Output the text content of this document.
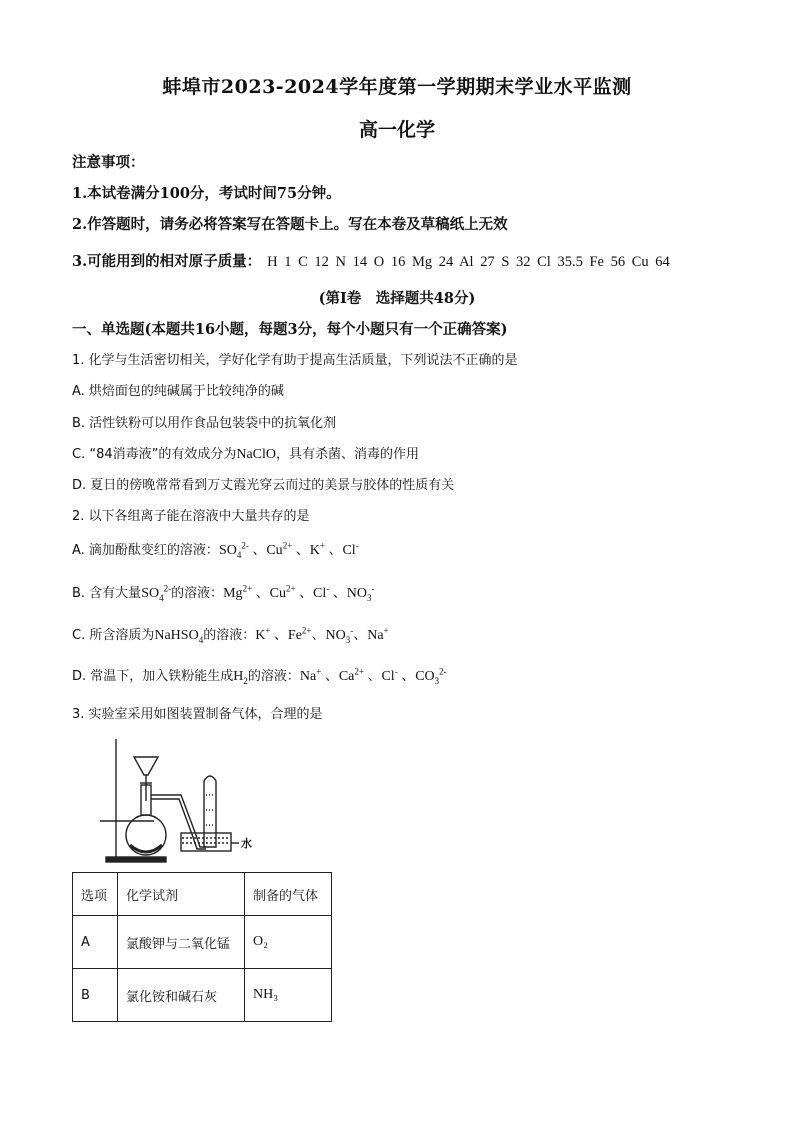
蚌埠市2023-2024学年度第一学期期末学业水平监测
高一化学
注意事项：
1.本试卷满分100分，考试时间75分钟。
2.作答题时，请务必将答案写在答题卡上。写在本卷及草稿纸上无效
3.可能用到的相对原子质量： H 1 C 12 N 14 O 16 Mg 24 Al 27 S 32 Cl 35.5 Fe 56 Cu 64
(第Ⅰ卷　选择题共48分)
一、单选题(本题共16小题，每题3分，每个小题只有一个正确答案)
1. 化学与生活密切相关，学好化学有助于提高生活质量，下列说法不正确的是
A. 烘焙面包的纯碱属于比较纯净的碱
B. 活性铁粉可以用作食品包装袋中的抗氧化剂
C. “84消毒液”的有效成分为NaClO，具有杀菌、消毒的作用
D. 夏日的傍晚常常看到万丈霞光穿云而过的美景与胶体的性质有关
2. 以下各组离子能在溶液中大量共存的是
A. 滴加酚酞变红的溶液：$SO_4^{2-}$ 、$Cu^{2+}$ 、K+ 、Cl-
B. 含有大量$SO_4^{2-}$的溶液：$Mg^{2+}$ 、$Cu^{2+}$ 、Cl- 、$NO_3^-$
C. 所含溶质为NaHSO$_4$的溶液：K+ 、$Fe^{2+}$、$NO_3^-$、Na+
D. 常温下，加入铁粉能生成$H_2$的溶液：Na+ 、$Ca^{2+}$ 、Cl- 、$CO_3^{2-}$
3. 实验室采用如图装置制备气体，合理的是
水
选项	化学试剂	制备的气体
A	氯酸钾与二氧化锰	O₂
B	氯化铵和碱石灰	NH₃
